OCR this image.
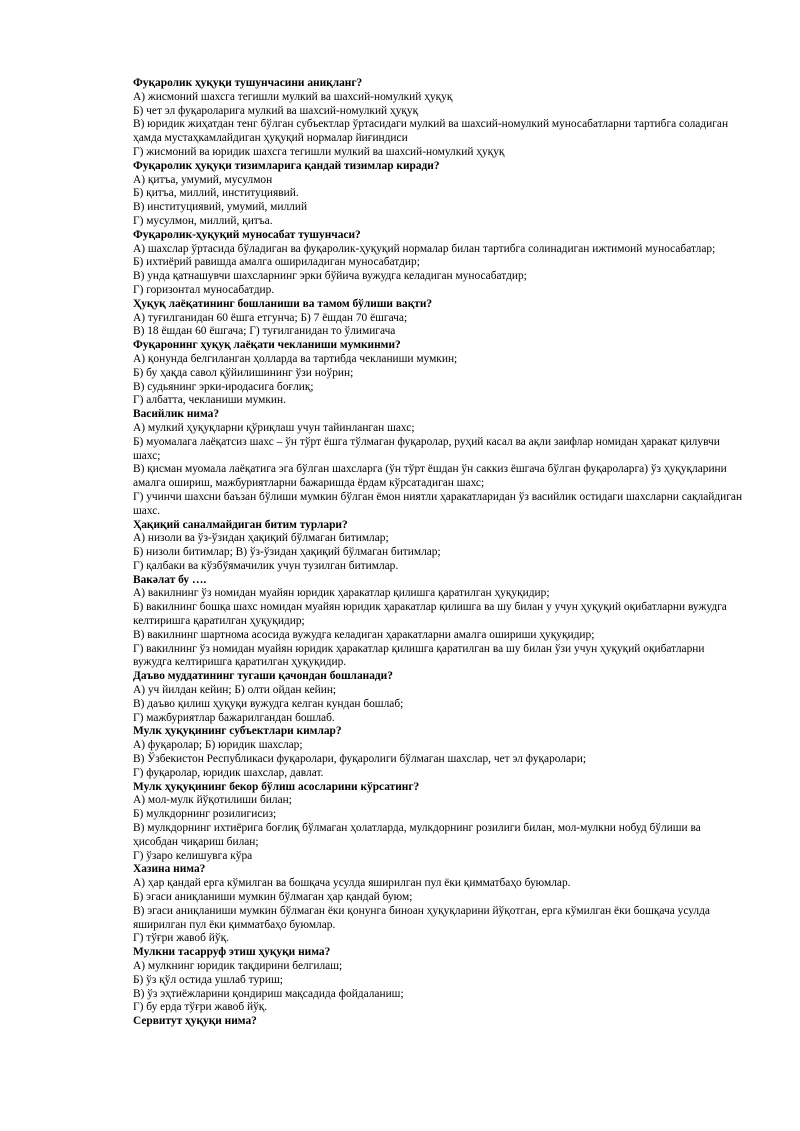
Фуқаролик ҳуқуқи тушунчасини аниқланг?

А) жисмоний шахсга тегишли мулкий ва шахсий-номулкий ҳуқуқ

Б) чет эл фуқароларига мулкий ва шахсий-номулкий ҳуқуқ

В) юридик жиҳатдан тенг бўлган субъектлар ўртасидаги мулкий ва шахсий-номулкий муносабатларни тартибга соладиган ҳамда мустаҳкамлайдиган ҳуқуқий нормалар йиғиндиси

Г) жисмоний ва юридик шахсга тегишли мулкий ва шахсий-номулкий ҳуқуқ

Фуқаролик ҳуқуқи тизимларига қандай тизимлар киради?

А) қитъа, умумий, мусулмон

Б) қитъа, миллий, институциявий.

В) институциявий, умумий, миллий

Г) мусулмон, миллий, қитъа.

Фуқаролик-ҳуқуқий муносабат тушунчаси?

А) шахслар ўртасида бўладиган ва фуқаролик-ҳуқуқий нормалар билан тартибга солинадиган ижтимоий муносабатлар;

Б) ихтиёрий равишда амалга ошириладиган муносабатдир;

В) унда қатнашувчи шахсларнинг эрки бўйича вужудга келадиган муносабатдир;

Г) горизонтал муносабатдир.

Ҳуқуқ лаёқатининг бошланиши ва тамом бўлиши вақти?

А) туғилганидан 60 ёшга етгунча; Б) 7 ёшдан 70 ёшгача;

В) 18 ёшдан 60 ёшгача; Г) туғилганидан то ўлимигача

Фуқаронинг ҳуқуқ лаёқати чекланиши мумкинми?

А) қонунда белгиланган ҳолларда ва тартибда чекланиши мумкин;

Б) бу ҳақда савол қўйилишининг ўзи ноўрин;

В) судьянинг эрки-иродасига боғлиқ;

Г) албатта, чекланиши мумкин.

Васийлик нима?

А) мулкий ҳуқуқларни қўриқлаш учун тайинланган шахс;

Б) муомалага лаёқатсиз шахс – ўн тўрт ёшга тўлмаган фуқаролар, руҳий касал ва ақли заифлар номидан ҳаракат қилувчи шахс;

В) қисман муомала лаёқатига эга бўлган шахсларга (ўн тўрт ёшдан ўн саккиз ёшгача бўлган фуқароларга) ўз ҳуқуқларини амалга ошириш, мажбуриятларни бажаришда ёрдам кўрсатадиган шахс;

Г) учинчи шахсни баъзан бўлиши мумкин бўлган ёмон ниятли ҳаракатларидан ўз васийлик остидаги шахсларни сақлайдиган шахс.

Ҳақиқий саналмайдиган битим турлари?

А) низоли ва ўз-ўзидан ҳақиқий бўлмаган битимлар;

Б) низоли битимлар; В) ўз-ўзидан ҳақиқий бўлмаган битимлар;

Г) қалбаки ва кўзбўямачилик учун тузилган битимлар.

Вакәлат бу ….

А) вакилнинг ўз номидан муайян юридик ҳаракатлар қилишга қаратилган ҳуқуқидир;

Б) вакилнинг бошқа шахс номидан муайян юридик ҳаракатлар қилишга ва шу билан у учун ҳуқуқий оқибатларни вужудга келтиришга қаратилган ҳуқуқидир;

В) вакилнинг шартнома асосида вужудга келадиган ҳаракатларни амалга ошириши ҳуқуқидир;

Г) вакилнинг ўз номидан муайян юридик ҳаракатлар қилишга қаратилган ва шу билан ўзи учун ҳуқуқий оқибатларни вужудга келтиришга қаратилган ҳуқуқидир.

Даъво муддатининг тугаши қачондан бошланади?

А) уч йилдан кейин; Б) олти ойдан кейин;

В) даъво қилиш ҳуқуқи вужудга келган кундан бошлаб;

Г) мажбуриятлар бажарилгандан бошлаб.

Мулк ҳуқуқининг субъектлари кимлар?

А) фуқаролар; Б) юридик шахслар;

В) Ўзбекистон Республикаси фуқаролари, фуқаролиги бўлмаган шахслар, чет эл фуқаролари;

Г) фуқаролар, юридик шахслар, давлат.

Мулк ҳуқуқининг бекор бўлиш асосларини кўрсатинг?

А) мол-мулк йўқотилиши билан;

Б) мулкдорнинг розилигисиз;

В) мулкдорнинг ихтиёрига боғлиқ бўлмаган ҳолатларда, мулкдорнинг розилиги билан, мол-мулкни нобуд бўлиши ва ҳисобдан чиқариш билан;

Г) ўзаро келишувга кўра

Хазина нима?

А) ҳар қандай ерга кўмилган ва бошқача усулда яширилган пул ёки қимматбаҳо буюмлар.

Б) эгаси аниқланиши мумкин бўлмаган ҳар қандай буюм;

В) эгаси аниқланиши мумкин бўлмаган ёки қонунга биноан ҳуқуқларини йўқотган, ерга кўмилган ёки бошқача усулда яширилган пул ёки қимматбаҳо буюмлар.

Г) тўғри жавоб йўқ.

Мулкни тасарруф этиш ҳуқуқи нима?

А) мулкнинг юридик тақдирини белгилаш;

Б) ўз қўл остида ушлаб туриш;

В) ўз эҳтиёжларини қондириш мақсадида фойдаланиш;

Г) бу ерда тўғри жавоб йўқ.

Сервитут ҳуқуқи нима?
